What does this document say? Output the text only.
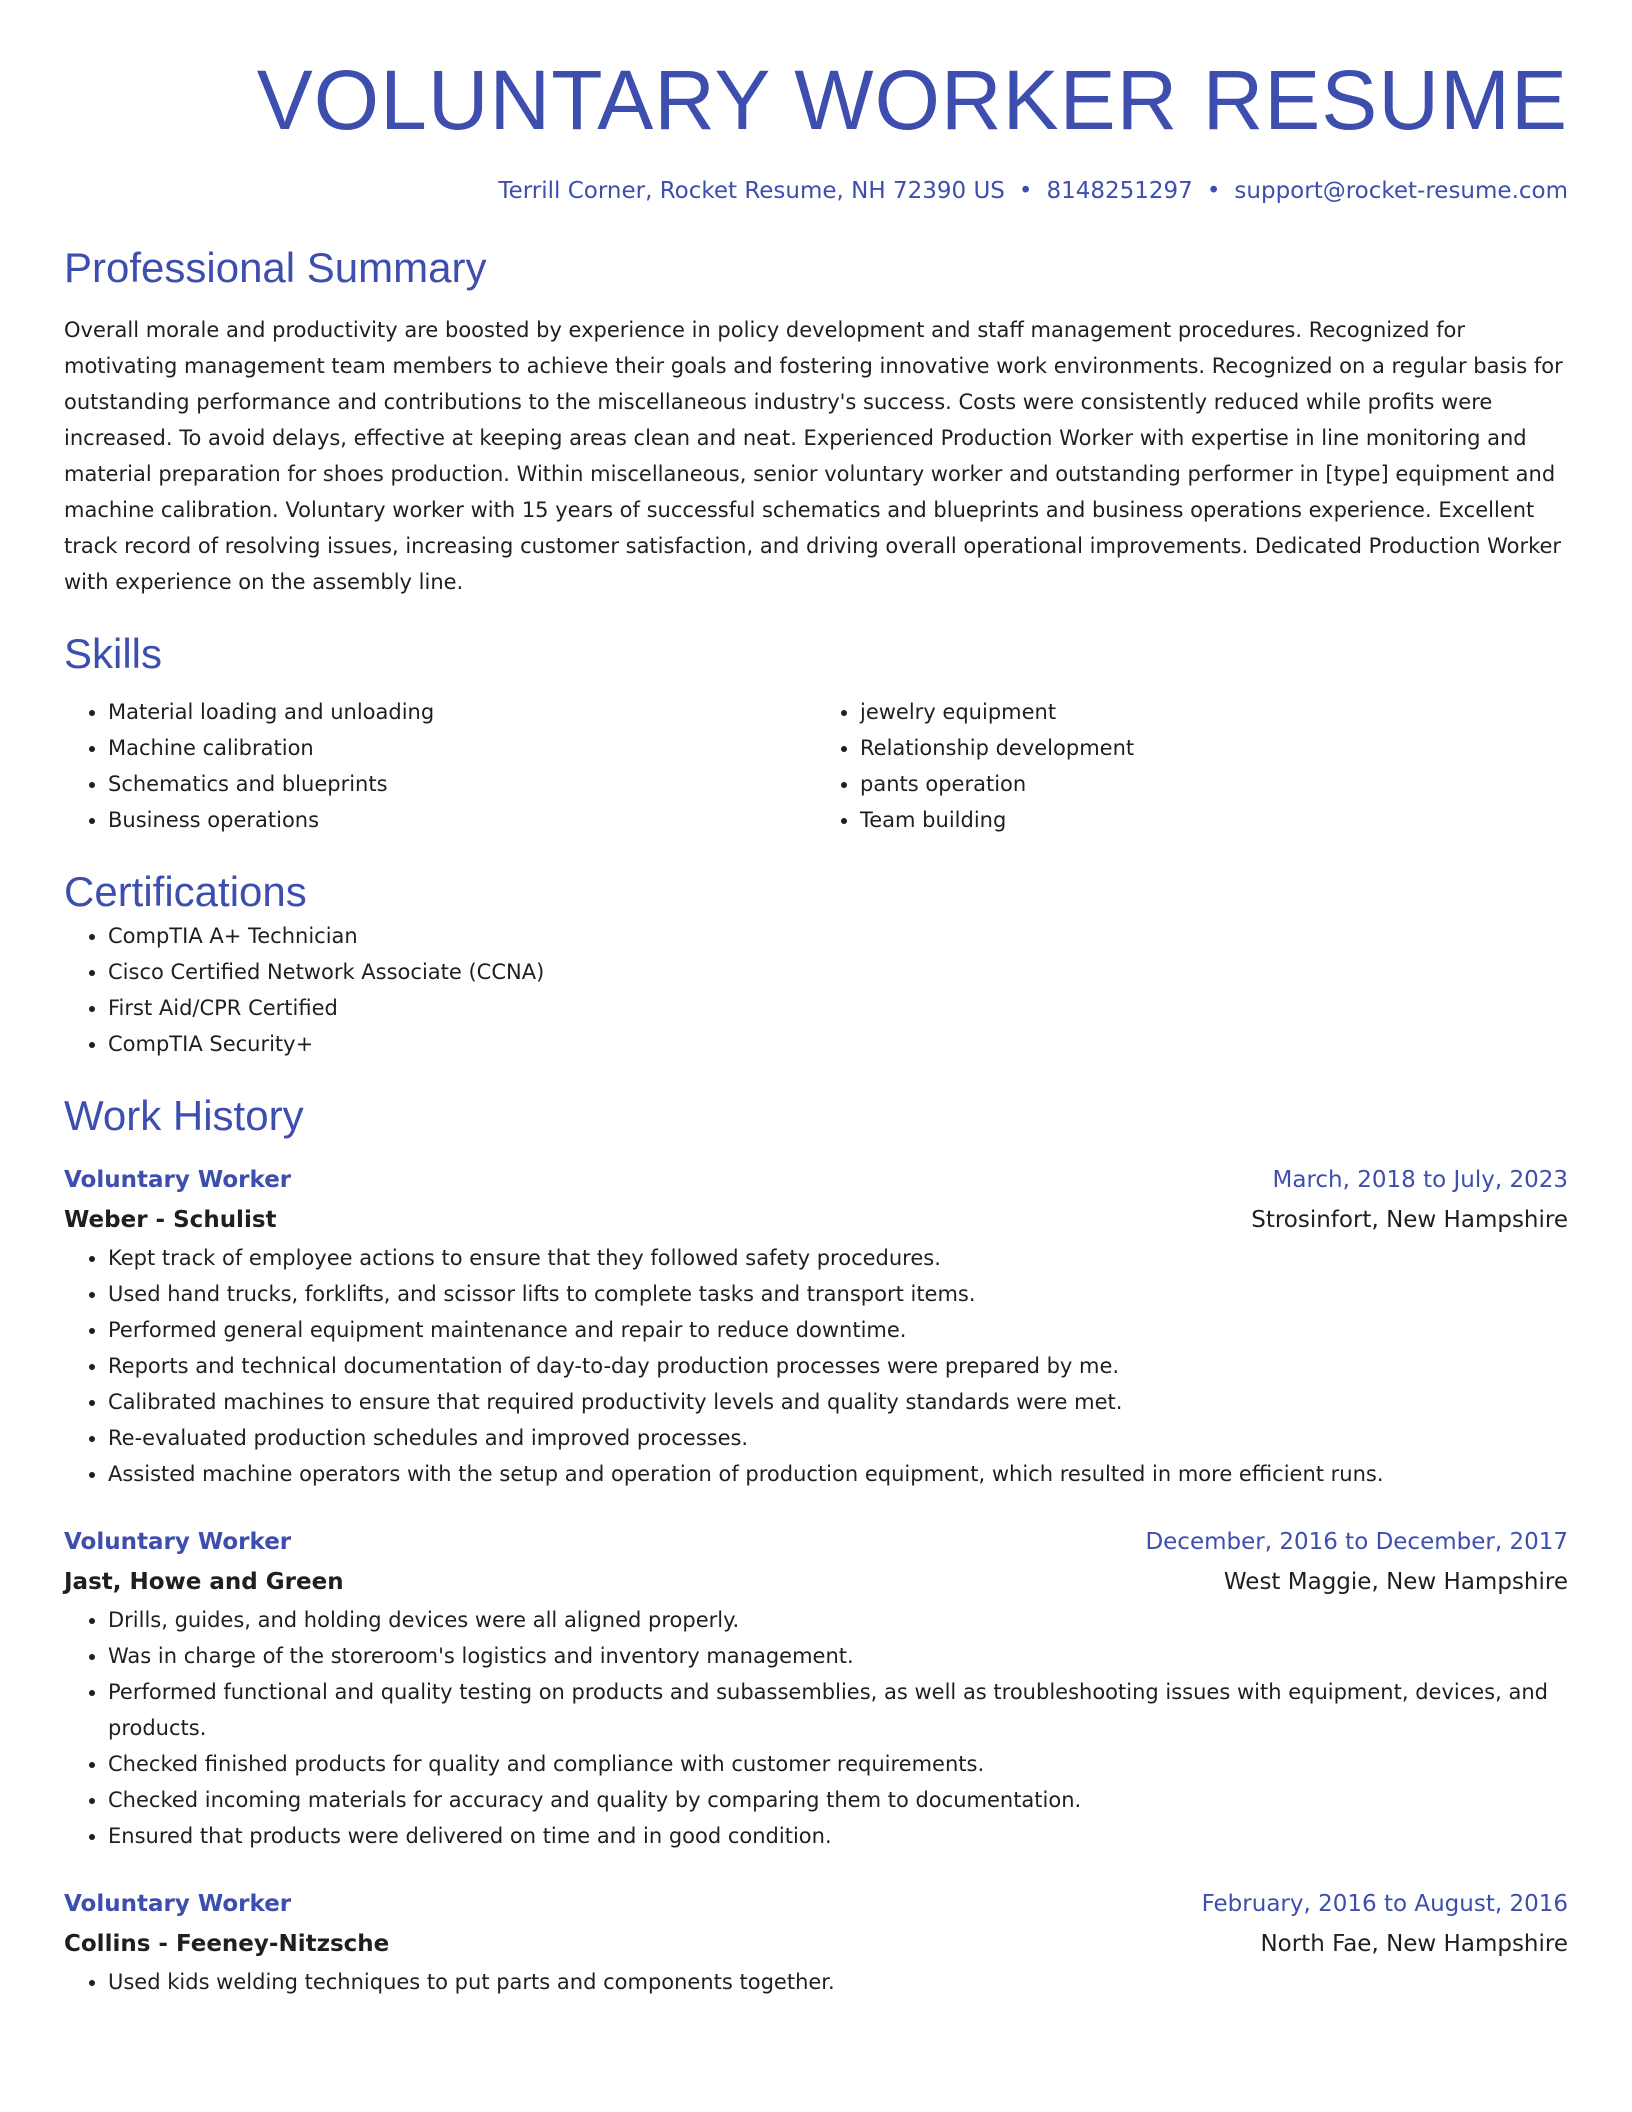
VOLUNTARY WORKER RESUME
Terrill Corner, Rocket Resume, NH 72390 US • 8148251297 • support@rocket-resume.com
Professional Summary

Overall morale and productivity are boosted by experience in policy development and staff management procedures. Recognized for motivating management team members to achieve their goals and fostering innovative work environments. Recognized on a regular basis for outstanding performance and contributions to the miscellaneous industry's success. Costs were consistently reduced while profits were increased. To avoid delays, effective at keeping areas clean and neat. Experienced Production Worker with expertise in line monitoring and material preparation for shoes production. Within miscellaneous, senior voluntary worker and outstanding performer in [type] equipment and machine calibration. Voluntary worker with 15 years of successful schematics and blueprints and business operations experience. Excellent track record of resolving issues, increasing customer satisfaction, and driving overall operational improvements. Dedicated Production Worker with experience on the assembly line.

Skills
• Material loading and unloading
• Machine calibration
• Schematics and blueprints
• Business operations
• jewelry equipment
• Relationship development
• pants operation
• Team building
Certifications
• CompTIA A+ Technician
• Cisco Certified Network Associate (CCNA)
• First Aid/CPR Certified
• CompTIA Security+
Work History
Voluntary Worker	March, 2018 to July, 2023
Weber - Schulist	Strosinfort, New Hampshire
• Kept track of employee actions to ensure that they followed safety procedures.
• Used hand trucks, forklifts, and scissor lifts to complete tasks and transport items.
• Performed general equipment maintenance and repair to reduce downtime.
• Reports and technical documentation of day-to-day production processes were prepared by me.
• Calibrated machines to ensure that required productivity levels and quality standards were met.
• Re-evaluated production schedules and improved processes.
• Assisted machine operators with the setup and operation of production equipment, which resulted in more efficient runs.
Voluntary Worker	December, 2016 to December, 2017
Jast, Howe and Green	West Maggie, New Hampshire
• Drills, guides, and holding devices were all aligned properly.
• Was in charge of the storeroom's logistics and inventory management.
• Performed functional and quality testing on products and subassemblies, as well as troubleshooting issues with equipment, devices, and products.
• Checked finished products for quality and compliance with customer requirements.
• Checked incoming materials for accuracy and quality by comparing them to documentation.
• Ensured that products were delivered on time and in good condition.
Voluntary Worker	February, 2016 to August, 2016
Collins - Feeney-Nitzsche	North Fae, New Hampshire
• Used kids welding techniques to put parts and components together.
